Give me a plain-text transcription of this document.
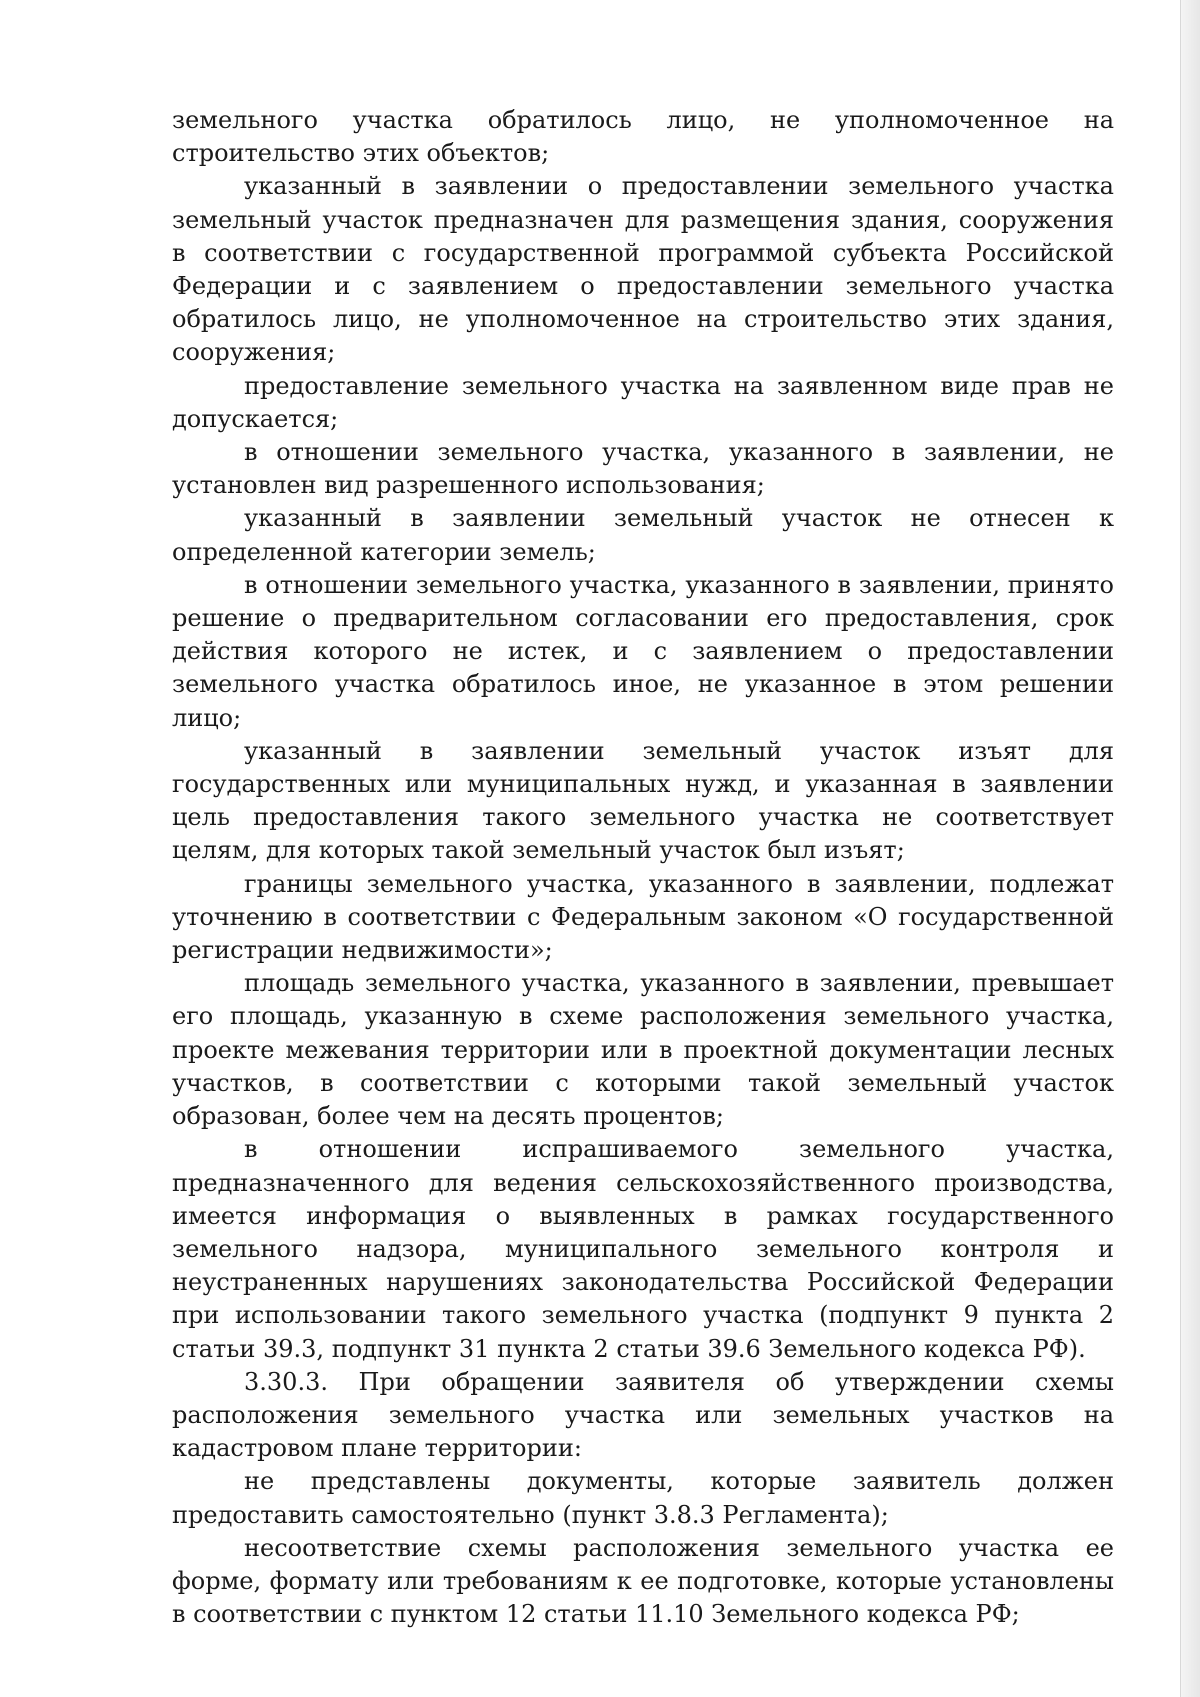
земельного участка обратилось лицо, не уполномоченное на строительство этих объектов;

указанный в заявлении о предоставлении земельного участка земельный участок предназначен для размещения здания, сооружения в соответствии с государственной программой субъекта Российской Федерации и с заявлением о предоставлении земельного участка обратилось лицо, не уполномоченное на строительство этих здания, сооружения;

предоставление земельного участка на заявленном виде прав не допускается;

в отношении земельного участка, указанного в заявлении, не установлен вид разрешенного использования;

указанный в заявлении земельный участок не отнесен к определенной категории земель;

в отношении земельного участка, указанного в заявлении, принято решение о предварительном согласовании его предоставления, срок действия которого не истек, и с заявлением о предоставлении земельного участка обратилось иное, не указанное в этом решении лицо;

указанный в заявлении земельный участок изъят для государственных или муниципальных нужд, и указанная в заявлении цель предоставления такого земельного участка не соответствует целям, для которых такой земельный участок был изъят;

границы земельного участка, указанного в заявлении, подлежат уточнению в соответствии с Федеральным законом «О государственной регистрации недвижимости»;

площадь земельного участка, указанного в заявлении, превышает его площадь, указанную в схеме расположения земельного участка, проекте межевания территории или в проектной документации лесных участков, в соответствии с которыми такой земельный участок образован, более чем на десять процентов;

в отношении испрашиваемого земельного участка, предназначенного для ведения сельскохозяйственного производства, имеется информация о выявленных в рамках государственного земельного надзора, муниципального земельного контроля и неустраненных нарушениях законодательства Российской Федерации при использовании такого земельного участка (подпункт 9 пункта 2 статьи 39.3, подпункт 31 пункта 2 статьи 39.6 Земельного кодекса РФ).

3.30.3. При обращении заявителя об утверждении схемы расположения земельного участка или земельных участков на кадастровом плане территории:

не представлены документы, которые заявитель должен предоставить самостоятельно (пункт 3.8.3 Регламента);

несоответствие схемы расположения земельного участка ее форме, формату или требованиям к ее подготовке, которые установлены в соответствии с пунктом 12 статьи 11.10 Земельного кодекса РФ;
